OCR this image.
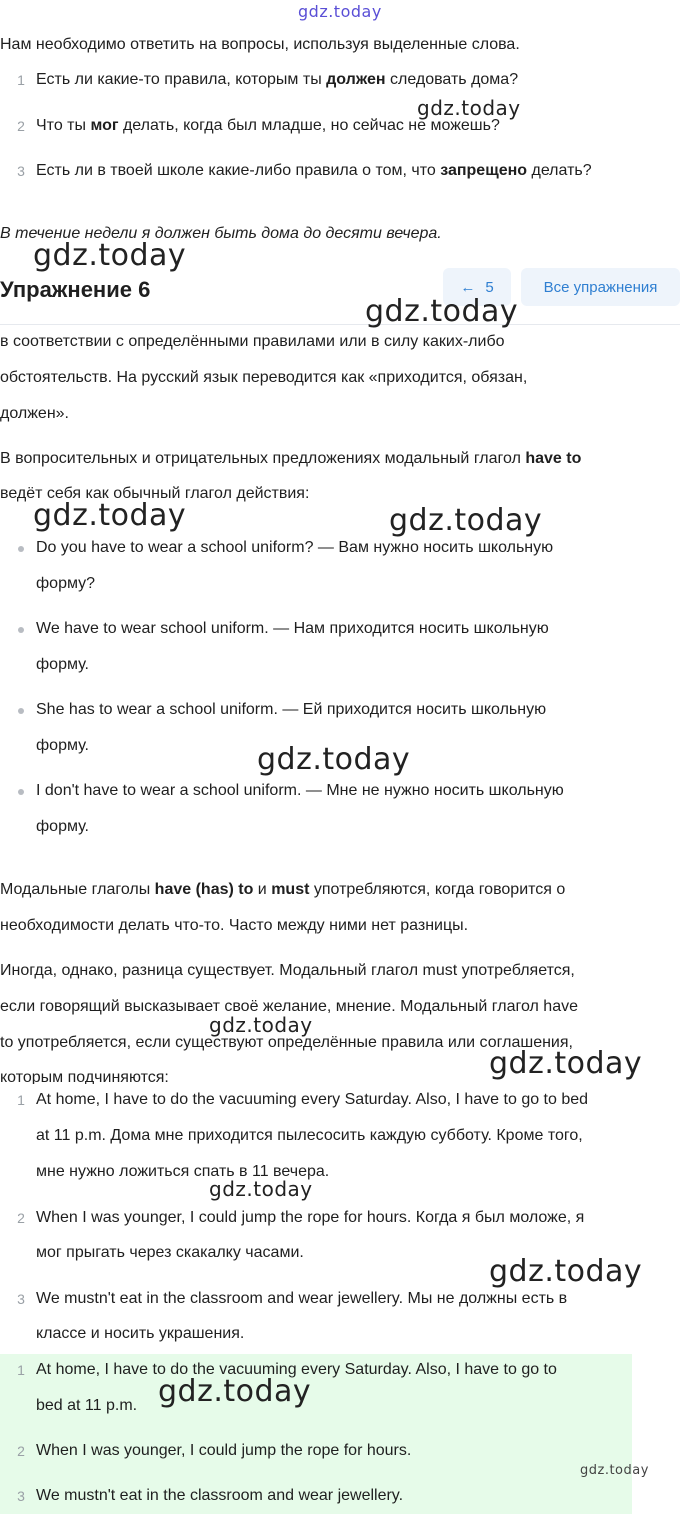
gdz.today
Нам необходимо ответить на вопросы, используя выделенные слова.
1 Есть ли какие-то правила, которым ты должен следовать дома?
2 Что ты мог делать, когда был младше, но сейчас не можешь?
3 Есть ли в твоей школе какие-либо правила о том, что запрещено делать?
В течение недели я должен быть дома до десяти вечера.
Упражнение 6	← 5	Все упражнения
в соответствии с определёнными правилами или в силу каких-либо
обстоятельств. На русский язык переводится как «приходится, обязан,
должен».
В вопросительных и отрицательных предложениях модальный глагол have to
ведёт себя как обычный глагол действия:
Do you have to wear a school uniform? — Вам нужно носить школьную
форму?
We have to wear school uniform. — Нам приходится носить школьную
форму.
She has to wear a school uniform. — Ей приходится носить школьную
форму.
I don't have to wear a school uniform. — Мне не нужно носить школьную
форму.
Модальные глаголы have (has) to и must употребляются, когда говорится о
необходимости делать что-то. Часто между ними нет разницы.
Иногда, однако, разница существует. Модальный глагол must употребляется,
если говорящий высказывает своё желание, мнение. Модальный глагол have
to употребляется, если существуют определённые правила или соглашения,
которым подчиняются:
1 At home, I have to do the vacuuming every Saturday. Also, I have to go to bed
at 11 p.m. Дома мне приходится пылесосить каждую субботу. Кроме того,
мне нужно ложиться спать в 11 вечера.
2 When I was younger, I could jump the rope for hours. Когда я был моложе, я
мог прыгать через скакалку часами.
3 We mustn't eat in the classroom and wear jewellery. Мы не должны есть в
классе и носить украшения.
1 At home, I have to do the vacuuming every Saturday. Also, I have to go to
bed at 11 p.m.
2 When I was younger, I could jump the rope for hours.
3 We mustn't eat in the classroom and wear jewellery.
gdz.today
gdz.today
gdz.today
gdz.today	gdz.today
gdz.today
gdz.today
gdz.today
gdz.today
gdz.today
gdz.today
gdz.today
